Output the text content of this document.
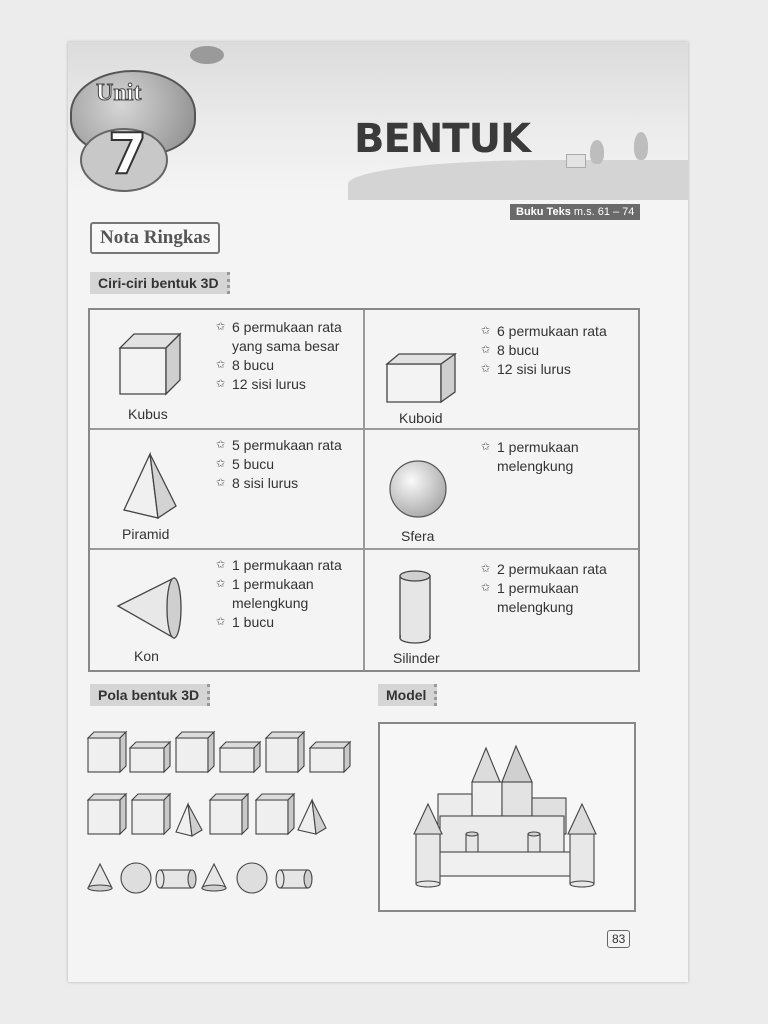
Unit
7	BENTUK
Buku Teks m.s. 61 – 74
Nota Ringkas
Ciri-ciri bentuk 3D
Kubus
✩ 6 permukaan rata
yang sama besar
✩ 8 bucu
✩ 12 sisi lurus
Kuboid
✩ 6 permukaan rata
✩ 8 bucu
✩ 12 sisi lurus
Piramid
✩ 5 permukaan rata
✩ 5 bucu
✩ 8 sisi lurus
Sfera
✩ 1 permukaan
melengkung
Kon
✩ 1 permukaan rata
✩ 1 permukaan
melengkung
✩ 1 bucu
Silinder
✩ 2 permukaan rata
✩ 1 permukaan
melengkung
Pola bentuk 3D	Model
83
